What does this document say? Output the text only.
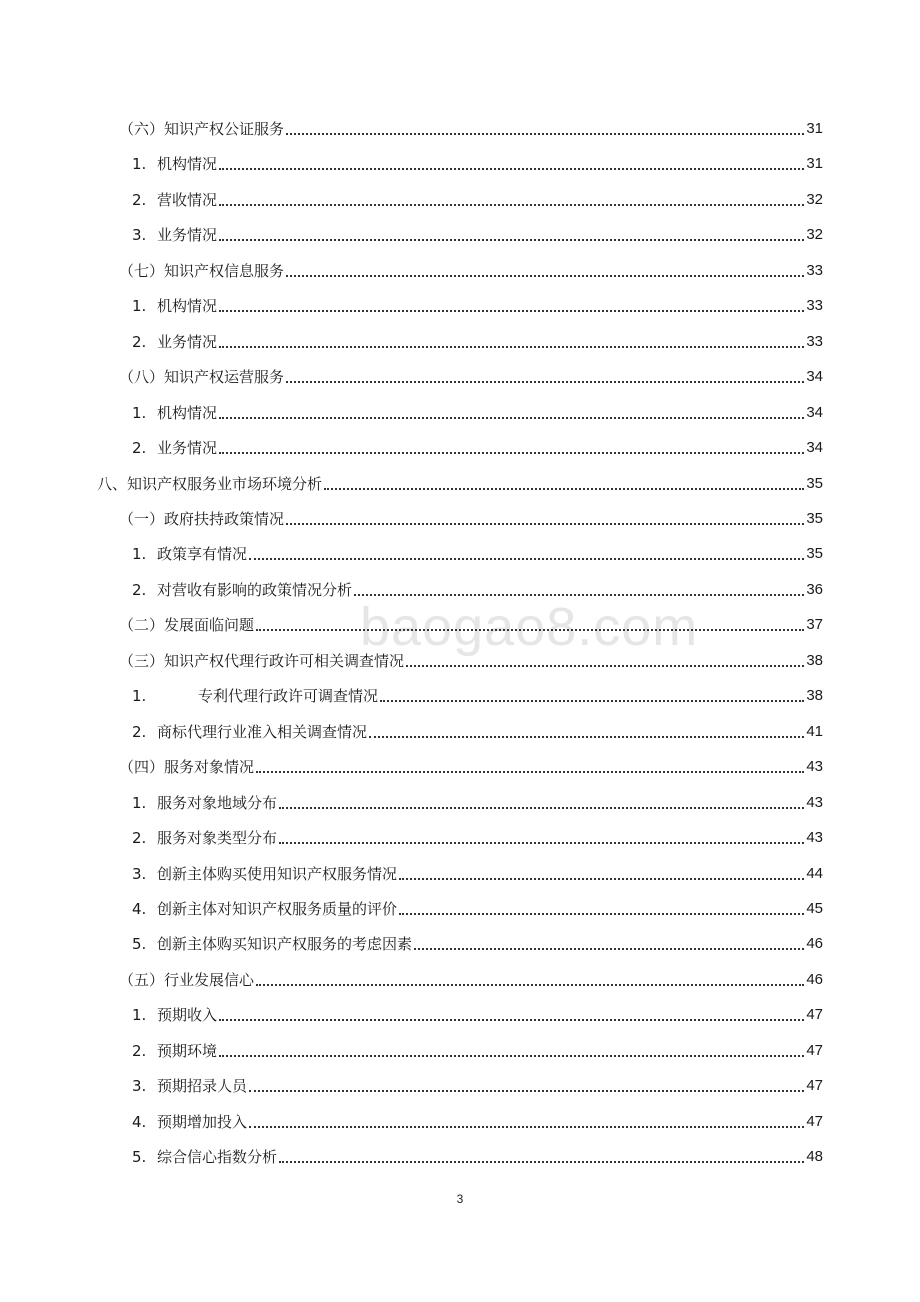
baogao8.com
（六）知识产权公证服务	31
1. 机构情况	31
2. 营收情况	32
3. 业务情况	32
（七）知识产权信息服务	33
1. 机构情况	33
2. 业务情况	33
（八）知识产权运营服务	34
1. 机构情况	34
2. 业务情况	34
八、知识产权服务业市场环境分析	35
（一）政府扶持政策情况	35
1. 政策享有情况	35
2. 对营收有影响的政策情况分析	36
（二）发展面临问题	37
（三）知识产权代理行政许可相关调查情况	38
1.	专利代理行政许可调查情况	38
2. 商标代理行业准入相关调查情况	41
（四）服务对象情况	43
1. 服务对象地域分布	43
2. 服务对象类型分布	43
3. 创新主体购买使用知识产权服务情况	44
4. 创新主体对知识产权服务质量的评价	45
5. 创新主体购买知识产权服务的考虑因素	46
（五）行业发展信心	46
1. 预期收入	47
2. 预期环境	47
3. 预期招录人员	47
4. 预期增加投入	47
5. 综合信心指数分析	48
3
